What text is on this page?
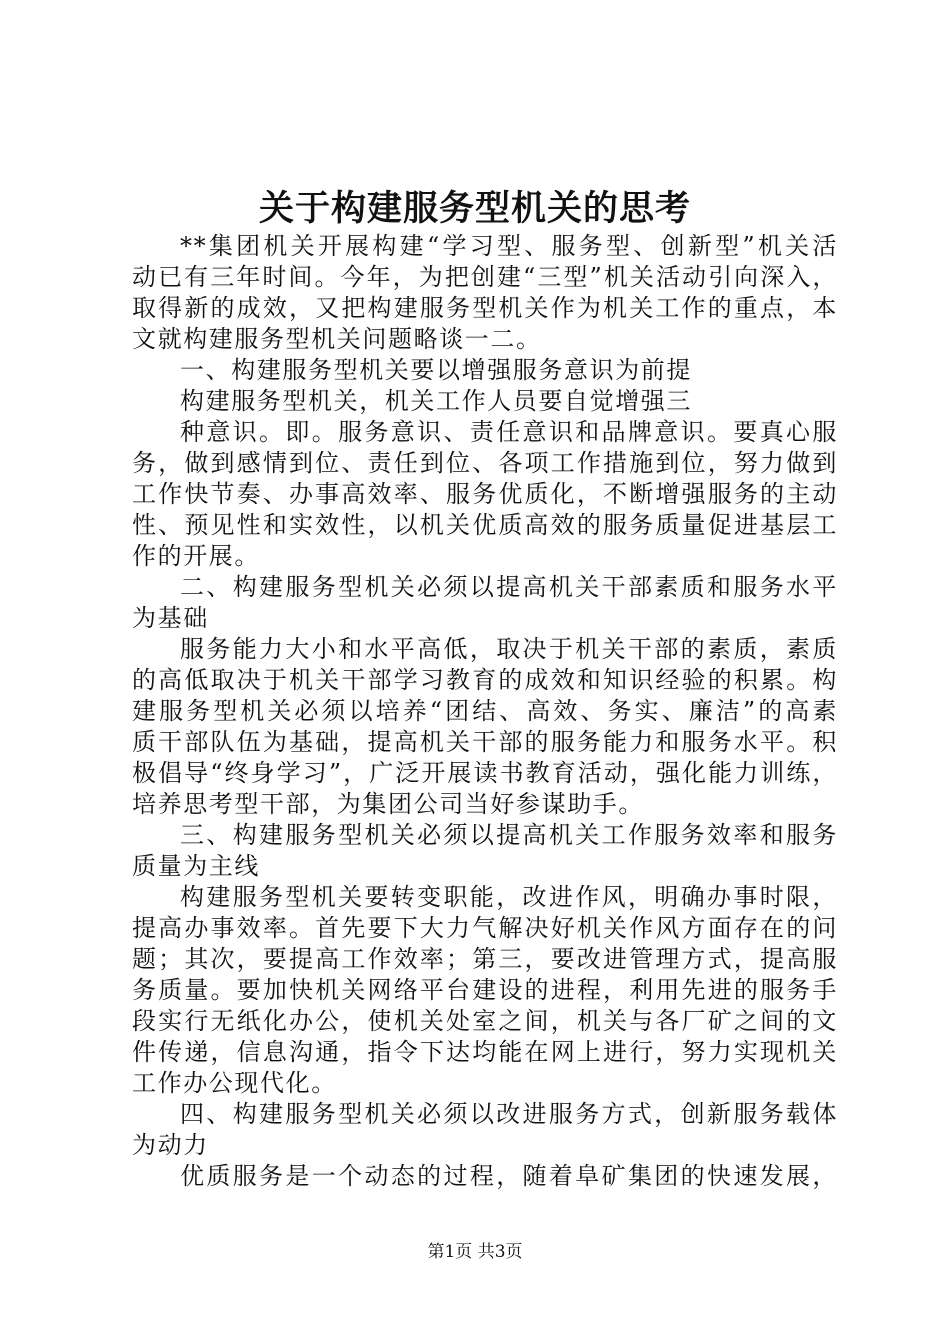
关于构建服务型机关的思考
**集团机关开展构建“学习型、服务型、创新型”机关活
动已有三年时间。今年，为把创建“三型”机关活动引向深入，
取得新的成效，又把构建服务型机关作为机关工作的重点，本
文就构建服务型机关问题略谈一二。
一、构建服务型机关要以增强服务意识为前提
构建服务型机关，机关工作人员要自觉增强三
种意识。即。服务意识、责任意识和品牌意识。要真心服
务，做到感情到位、责任到位、各项工作措施到位，努力做到
工作快节奏、办事高效率、服务优质化，不断增强服务的主动
性、预见性和实效性，以机关优质高效的服务质量促进基层工
作的开展。
二、构建服务型机关必须以提高机关干部素质和服务水平
为基础
服务能力大小和水平高低，取决于机关干部的素质，素质
的高低取决于机关干部学习教育的成效和知识经验的积累。构
建服务型机关必须以培养“团结、高效、务实、廉洁”的高素
质干部队伍为基础，提高机关干部的服务能力和服务水平。积
极倡导“终身学习”，广泛开展读书教育活动，强化能力训练，
培养思考型干部，为集团公司当好参谋助手。
三、构建服务型机关必须以提高机关工作服务效率和服务
质量为主线
构建服务型机关要转变职能，改进作风，明确办事时限，
提高办事效率。首先要下大力气解决好机关作风方面存在的问
题；其次，要提高工作效率；第三，要改进管理方式，提高服
务质量。要加快机关网络平台建设的进程，利用先进的服务手
段实行无纸化办公，使机关处室之间，机关与各厂矿之间的文
件传递，信息沟通，指令下达均能在网上进行，努力实现机关
工作办公现代化。
四、构建服务型机关必须以改进服务方式，创新服务载体
为动力
优质服务是一个动态的过程，随着阜矿集团的快速发展，
第1页 共3页
